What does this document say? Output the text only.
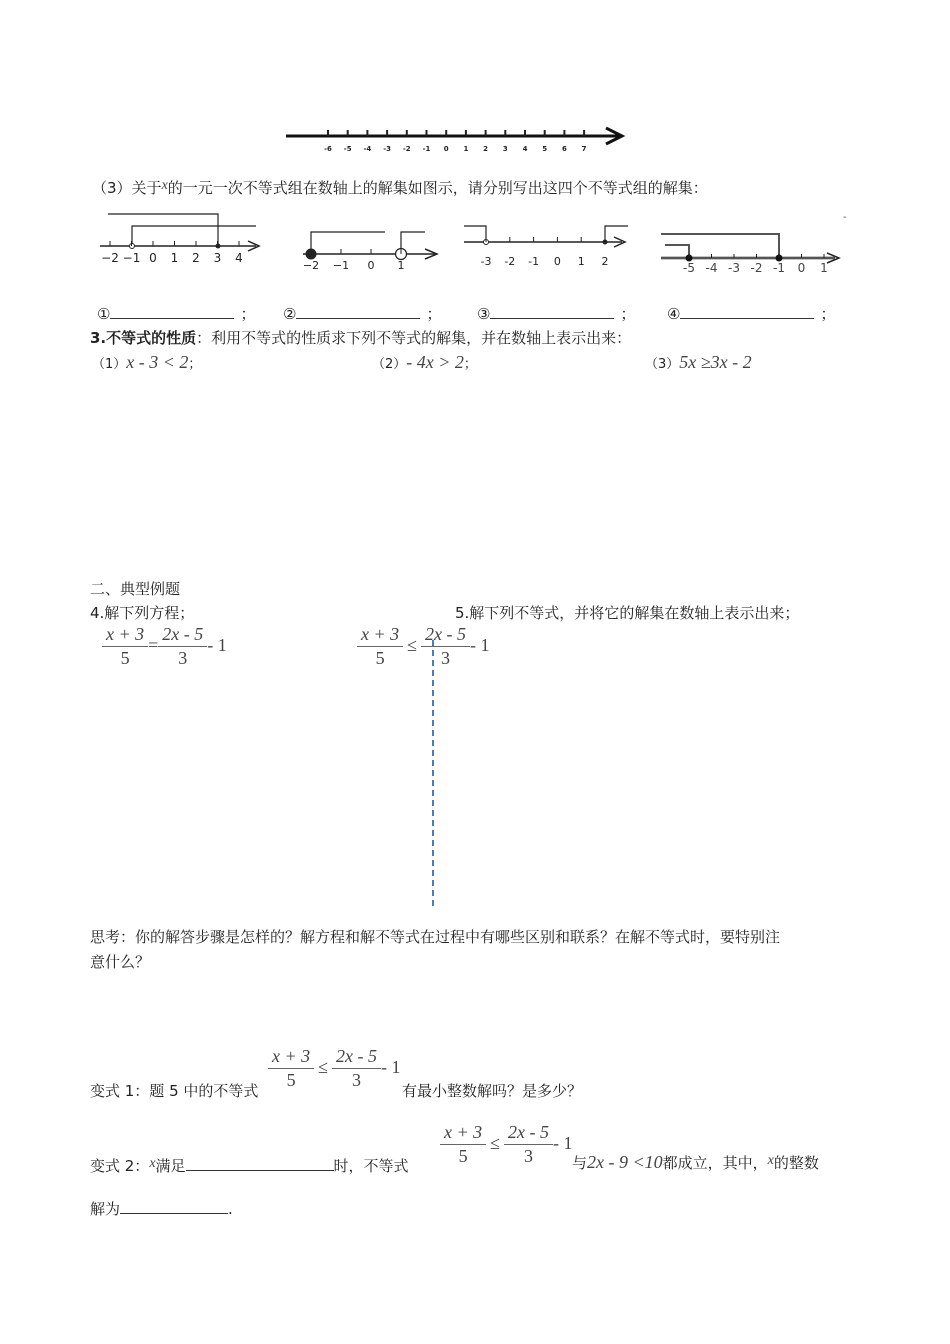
-6 -5 -4 -3 -2 -1 0 1 2 3 4 5 6 7
（3）关于x的一元一次不等式组在数轴上的解集如图示，请分别写出这四个不等式组的解集：
−2 −1 0 1 2 3 4
−2 −1 0 1	-3 -2 -1 0 1 2
-
-5 -4 -3 -2 -1 0 1
①	； ②	； ③	； ④	；
3.不等式的性质：利用不等式的性质求下列不等式的解集，并在数轴上表示出来：
（1）x - 3 < 2；	（2）- 4x > 2；	（3）5x ≥3x - 2
二、典型例题
4.解下列方程；	5.解下列不等式，并将它的解集在数轴上表示出来；
$\frac{x + 3}{5} = \frac{2x - 5}{3} - 1$	$\frac{x + 3}{5} \le \frac{2x - 5}{3} - 1$
思考：你的解答步骤是怎样的？解方程和解不等式在过程中有哪些区别和联系？在解不等式时，要特别注
意什么？
变式 1：题 5 中的不等式 $\frac{x + 3}{5} \le \frac{2x - 5}{3} - 1$
有最小整数解吗？是多少？
变式 2：x满足	时，不等式 $\frac{x + 3}{5} \le \frac{2x - 5}{3} - 1$
与2x - 9 <10都成立，其中，x的整数
解为	.
